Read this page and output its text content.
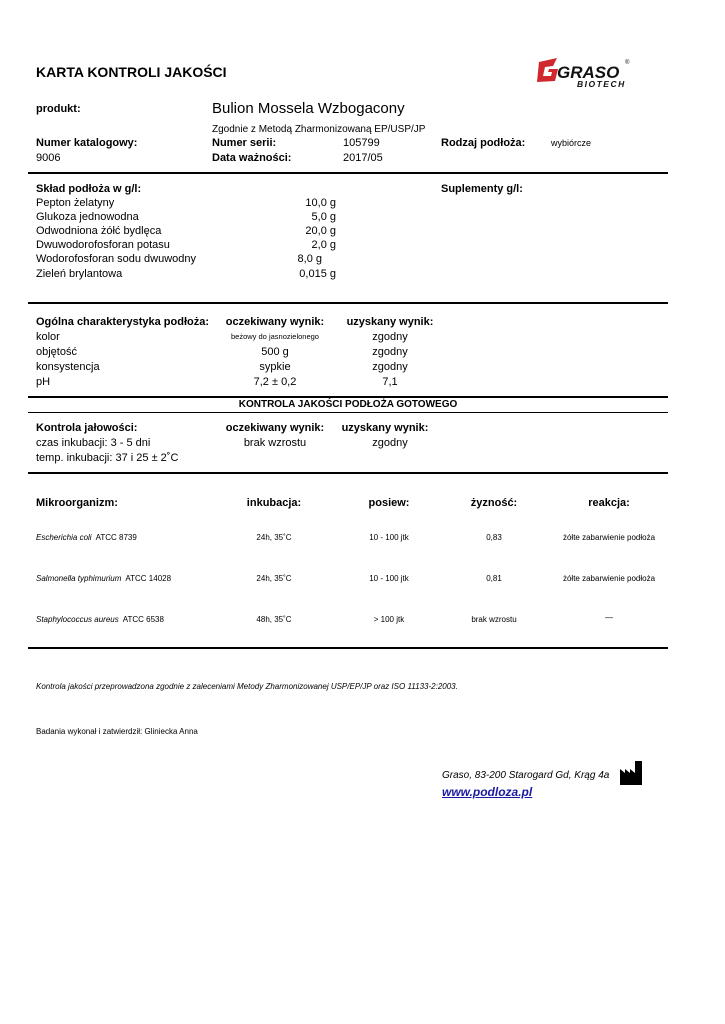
KARTA KONTROLI JAKOŚCI	GRASO
BIOTECH
®
produkt:	Bulion Mossela Wzbogacony
Zgodnie z Metodą Zharmonizowaną EP/USP/JP
Numer katalogowy:
9006
Numer serii:	105799
Data ważności:	2017/05
Rodzaj podłoża:	wybiórcze
Skład podłoża w g/l:	Suplementy g/l:
Pepton żelatyny	10,0 g
Glukoza jednowodna	5,0 g
Odwodniona żółć bydlęca	20,0 g
Dwuwodorofosforan potasu	2,0 g
Wodorofosforan sodu dwuwodny	8,0 g
Zieleń brylantowa	0,015 g
Ogólna charakterystyka podłoża:	oczekiwany wynik:	uzyskany wynik:
kolor	beżowy do jasnozielonego	zgodny
objętość	500 g	zgodny
konsystencja	sypkie	zgodny
pH	7,2 ± 0,2	7,1
KONTROLA JAKOŚCI PODŁOŻA GOTOWEGO
Kontrola jałowości:	oczekiwany wynik:	uzyskany wynik:
czas inkubacji: 3 - 5 dni	brak wzrostu	zgodny
temp. inkubacji: 37 i 25 ± 2˚C
Mikroorganizm:	inkubacja:	posiew:	żyzność:	reakcja:
Escherichia coli ATCC 8739	24h, 35˚C	10 - 100 jtk	0,83	żółte zabarwienie podłoża
Salmonella typhimurium ATCC 14028	24h, 35˚C	10 - 100 jtk	0,81	żółte zabarwienie podłoża
Staphylococcus aureus ATCC 6538	48h, 35˚C	> 100 jtk	brak wzrostu	—
Kontrola jakości przeprowadzona zgodnie z zaleceniami Metody Zharmonizowanej USP/EP/JP oraz ISO 11133-2:2003.
Badania wykonał i zatwierdził: Gliniecka Anna
Graso, 83-200 Starogard Gd, Krąg 4a
www.podloza.pl
